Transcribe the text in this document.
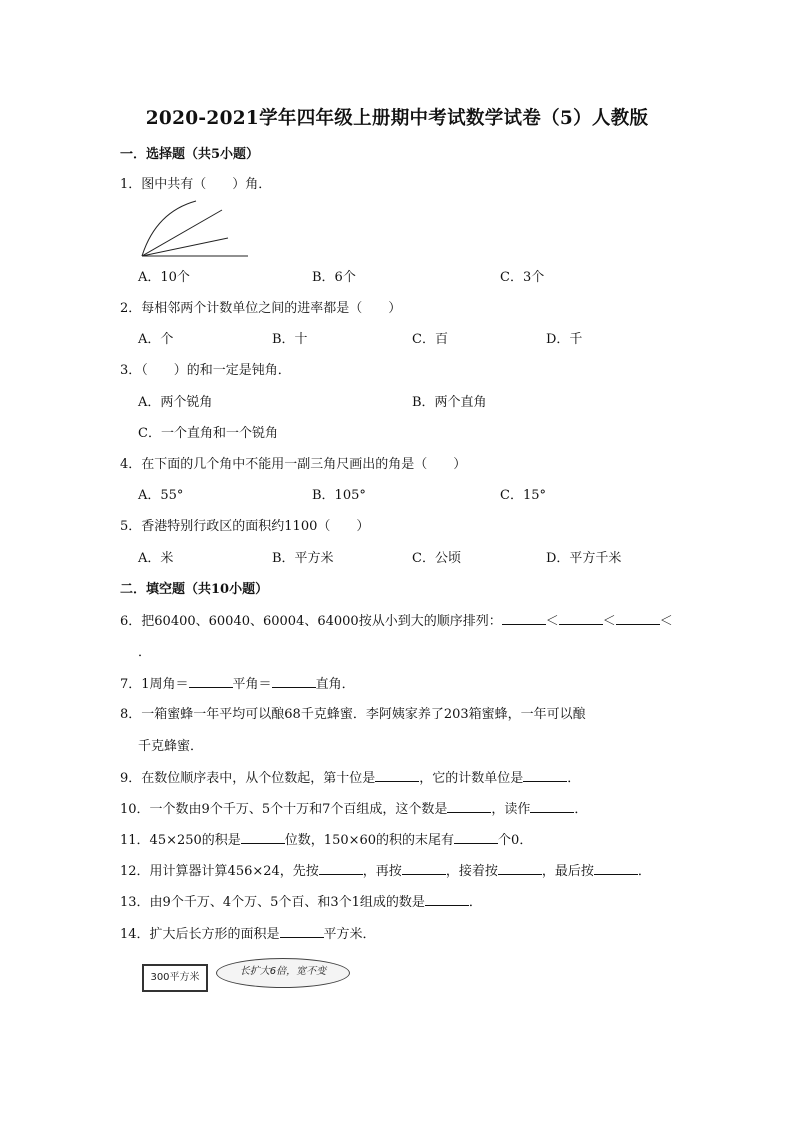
2020-2021学年四年级上册期中考试数学试卷（5）人教版
一．选择题（共5小题）
1．图中共有（　　）角．
A．10个	B．6个	C．3个
2．每相邻两个计数单位之间的进率都是（　　）
A．个	B．十	C．百	D．千
3．（　　）的和一定是钝角．
A．两个锐角	B．两个直角
C．一个直角和一个锐角
4．在下面的几个角中不能用一副三角尺画出的角是（　　）
A．55°	B．105°	C．15°
5．香港特别行政区的面积约1100（　　）
A．米	B．平方米	C．公顷	D．平方千米
二．填空题（共10小题）
6．把60400、60040、60004、64000按从小到大的顺序排列：	＜	＜	＜
．
7．1周角＝	平角＝	直角．
8．一箱蜜蜂一年平均可以酿68千克蜂蜜．李阿姨家养了203箱蜜蜂，一年可以酿
千克蜂蜜．
9．在数位顺序表中，从个位数起，第十位是	，它的计数单位是	．
10．一个数由9个千万、5个十万和7个百组成，这个数是	，读作	．
11．45×250的积是	位数，150×60的积的末尾有	个0．
12．用计算器计算456×24，先按	，再按	，接着按	，最后按	．
13．由9个千万、4个万、5个百、和3个1组成的数是	．
14．扩大后长方形的面积是	平方米．
300平方米
长扩大6倍，宽不变
